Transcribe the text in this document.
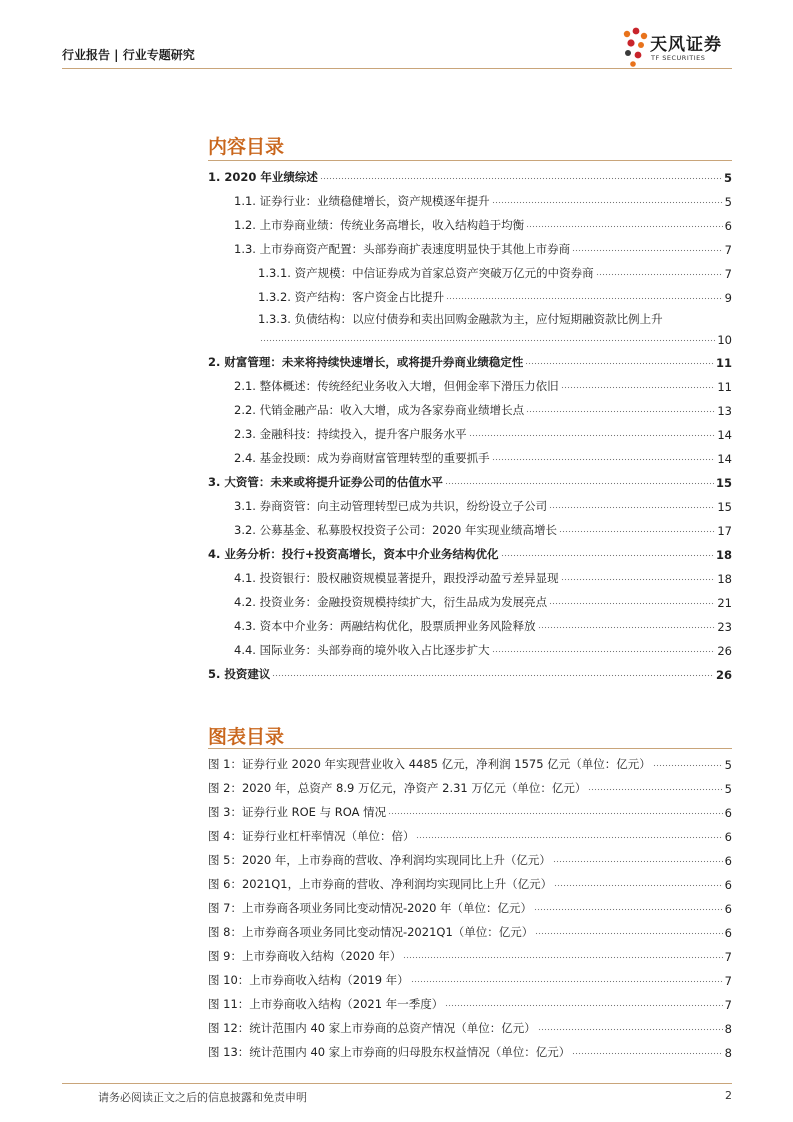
行业报告 | 行业专题研究	天风证券
TF SECURITIES
内容目录
1. 2020 年业绩综述	5
1.1. 证券行业：业绩稳健增长，资产规模逐年提升	5
1.2. 上市券商业绩：传统业务高增长，收入结构趋于均衡	6
1.3. 上市券商资产配置：头部券商扩表速度明显快于其他上市券商	7
1.3.1. 资产规模：中信证券成为首家总资产突破万亿元的中资券商	7
1.3.2. 资产结构：客户资金占比提升	9
1.3.3. 负债结构：以应付债券和卖出回购金融款为主，应付短期融资款比例上升
10
2. 财富管理：未来将持续快速增长，或将提升券商业绩稳定性	11
2.1. 整体概述：传统经纪业务收入大增，但佣金率下滑压力依旧	11
2.2. 代销金融产品：收入大增，成为各家券商业绩增长点	13
2.3. 金融科技：持续投入，提升客户服务水平	14
2.4. 基金投顾：成为券商财富管理转型的重要抓手	14
3. 大资管：未来或将提升证券公司的估值水平	15
3.1. 券商资管：向主动管理转型已成为共识，纷纷设立子公司	15
3.2. 公募基金、私募股权投资子公司：2020 年实现业绩高增长	17
4. 业务分析：投行+投资高增长，资本中介业务结构优化	18
4.1. 投资银行：股权融资规模显著提升，跟投浮动盈亏差异显现	18
4.2. 投资业务：金融投资规模持续扩大，衍生品成为发展亮点	21
4.3. 资本中介业务：两融结构优化，股票质押业务风险释放	23
4.4. 国际业务：头部券商的境外收入占比逐步扩大	26
5. 投资建议	26
图表目录
图 1：证券行业 2020 年实现营业收入 4485 亿元，净利润 1575 亿元（单位：亿元）	5
图 2：2020 年，总资产 8.9 万亿元，净资产 2.31 万亿元（单位：亿元）	5
图 3：证券行业 ROE 与 ROA 情况	6
图 4：证券行业杠杆率情况（单位：倍）	6
图 5：2020 年，上市券商的营收、净利润均实现同比上升（亿元）	6
图 6：2021Q1，上市券商的营收、净利润均实现同比上升（亿元）	6
图 7：上市券商各项业务同比变动情况-2020 年（单位：亿元）	6
图 8：上市券商各项业务同比变动情况-2021Q1（单位：亿元）	6
图 9：上市券商收入结构（2020 年）	7
图 10：上市券商收入结构（2019 年）	7
图 11：上市券商收入结构（2021 年一季度）	7
图 12：统计范围内 40 家上市券商的总资产情况（单位：亿元）	8
图 13：统计范围内 40 家上市券商的归母股东权益情况（单位：亿元）	8
请务必阅读正文之后的信息披露和免责申明	2
